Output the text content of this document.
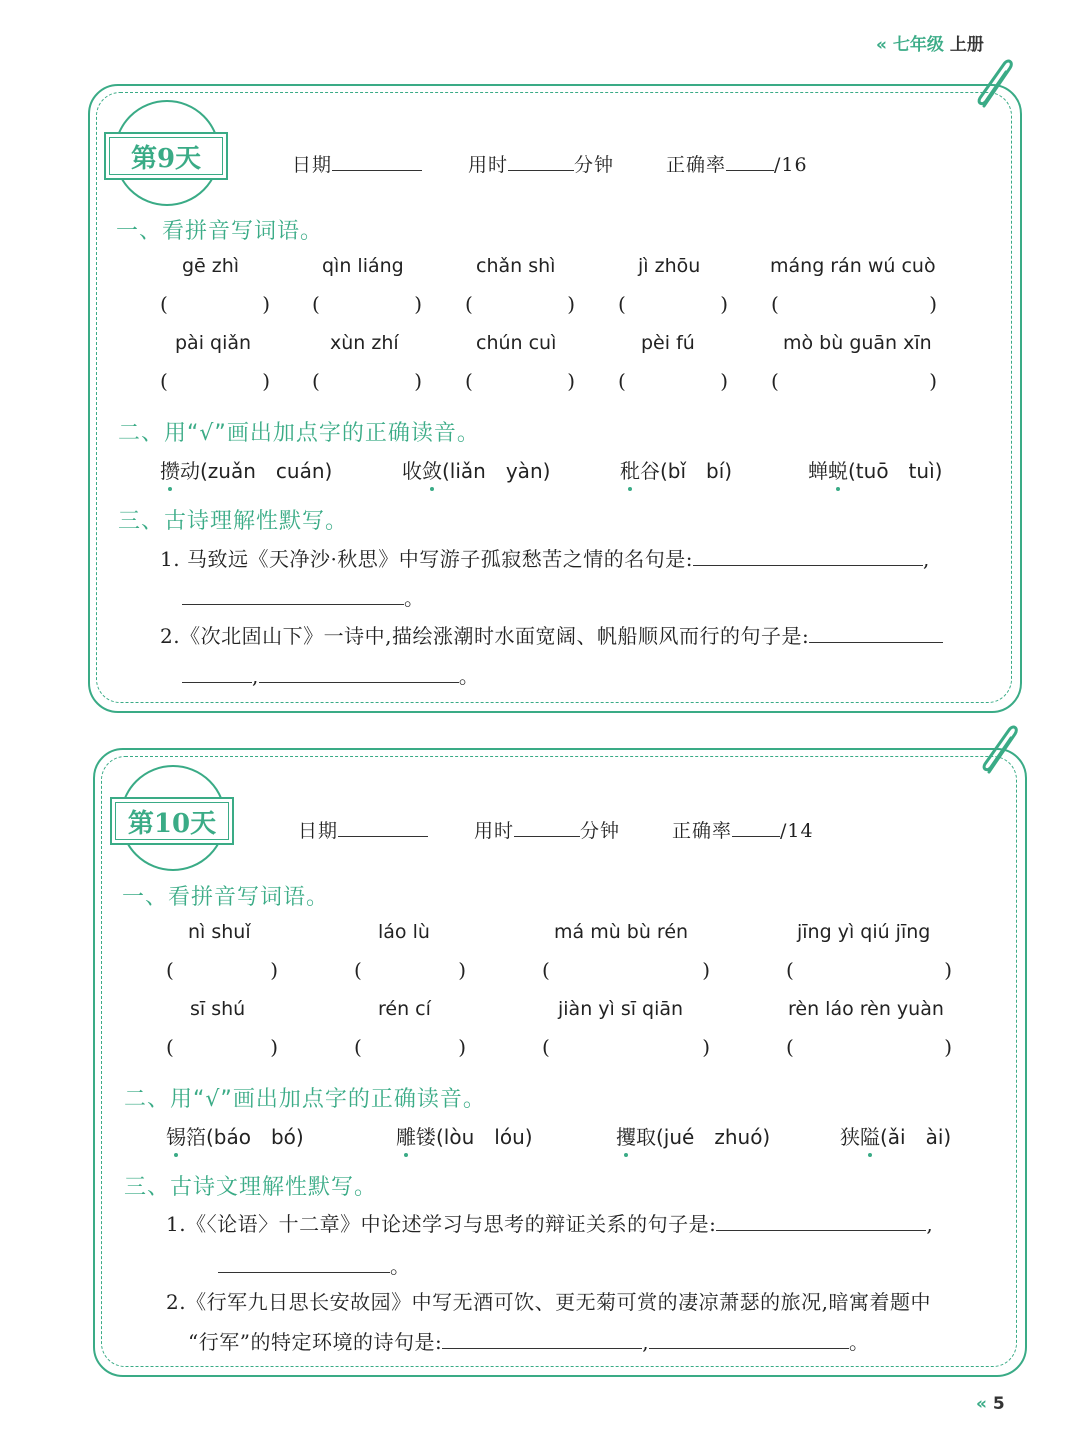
« 七年级 上册
第9天	日期	用时	分钟	正确率	/16
一、看拼音写词语。
gē zhì	qìn liáng	chǎn shì	jì zhōu	máng rán wú cuò
(	) (	) (	) (	) (	)
pài qiǎn	xùn zhí	chún cuì	pèi fú	mò bù guān xīn
(	) (	) (	) (	) (	)
二、用“√”画出加点字的正确读音。
攒动(zuǎn　cuán)	收敛(liǎn　yàn)	秕谷(bǐ　bí)	蝉蜕(tuō　tuì)
三、古诗理解性默写。
1. 马致远《天净沙·秋思》中写游子孤寂愁苦之情的名句是:	,
。
2.《次北固山下》一诗中,描绘涨潮时水面宽阔、帆船顺风而行的句子是:
,	。
第10天	日期	用时	分钟	正确率	/14
一、看拼音写词语。
nì shuǐ	láo lù	má mù bù rén	jīng yì qiú jīng
(	)	(	)	(	)	(	)
sī shú	rén cí	jiàn yì sī qiān	rèn láo rèn yuàn
(	)	(	)	(	)	(	)
二、用“√”画出加点字的正确读音。
锡箔(báo　bó)	雕镂(lòu　lóu)	攫取(jué　zhuó)	狭隘(ǎi　ài)
三、古诗文理解性默写。
1.《〈论语〉十二章》中论述学习与思考的辩证关系的句子是:	,
。
2.《行军九日思长安故园》中写无酒可饮、更无菊可赏的凄凉萧瑟的旅况,暗寓着题中
“行军”的特定环境的诗句是:	,	。
« 5
